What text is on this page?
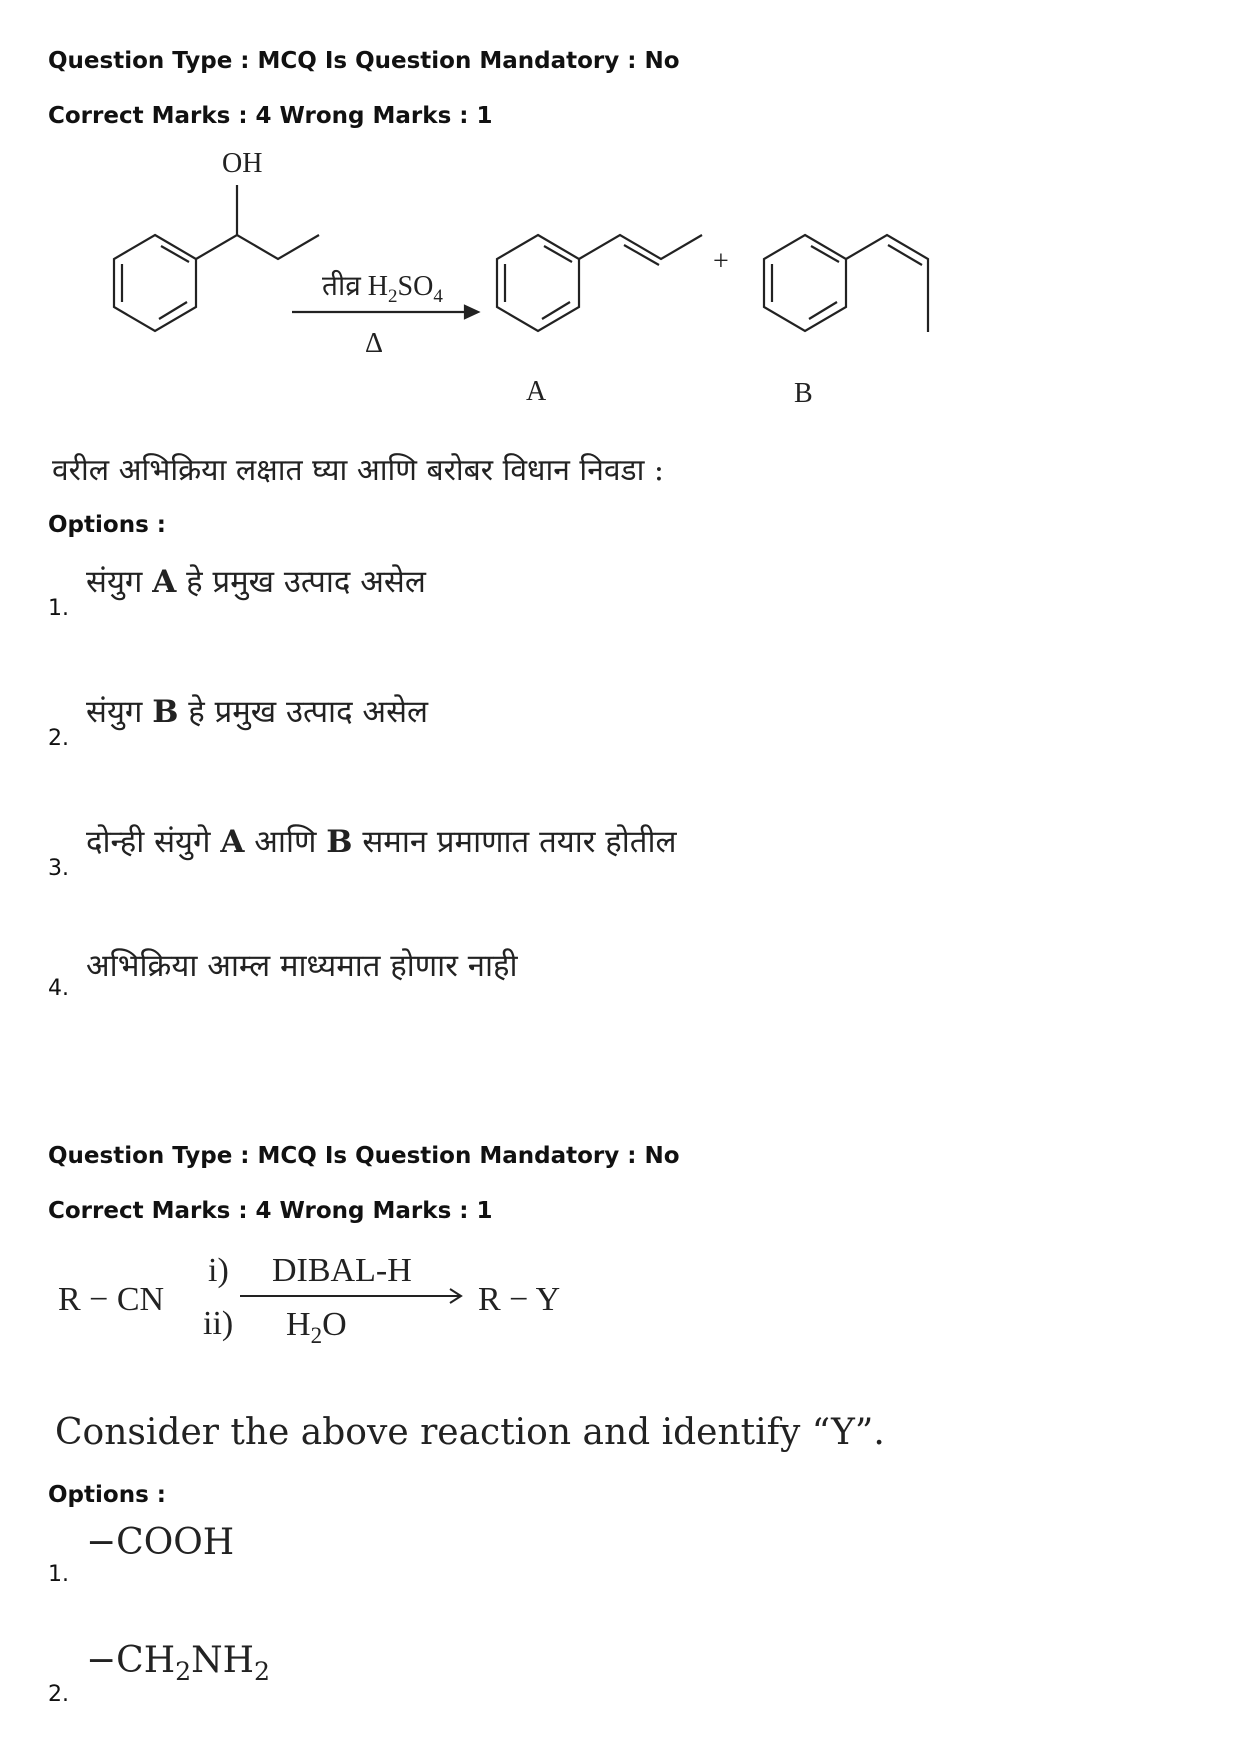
Question Type : MCQ Is Question Mandatory : No
Correct Marks : 4 Wrong Marks : 1
OH
तीव्र $H_2SO_4$
Δ
+
A	B
वरील अभिक्रिया लक्षात घ्या आणि बरोबर विधान निवडा :
Options :
1.
संयुग A हे प्रमुख उत्पाद असेल
2.
संयुग B हे प्रमुख उत्पाद असेल
3.
दोन्ही संयुगे A आणि B समान प्रमाणात तयार होतील
4.
अभिक्रिया आम्ल माध्यमात होणार नाही
Question Type : MCQ Is Question Mandatory : No
Correct Marks : 4 Wrong Marks : 1
R − CN
i)
ii)
DIBAL-H
$H_2O$
R − Y
Consider the above reaction and identify “Y”.
Options :
1.
−COOH
2.
$-CH_2NH_2$
